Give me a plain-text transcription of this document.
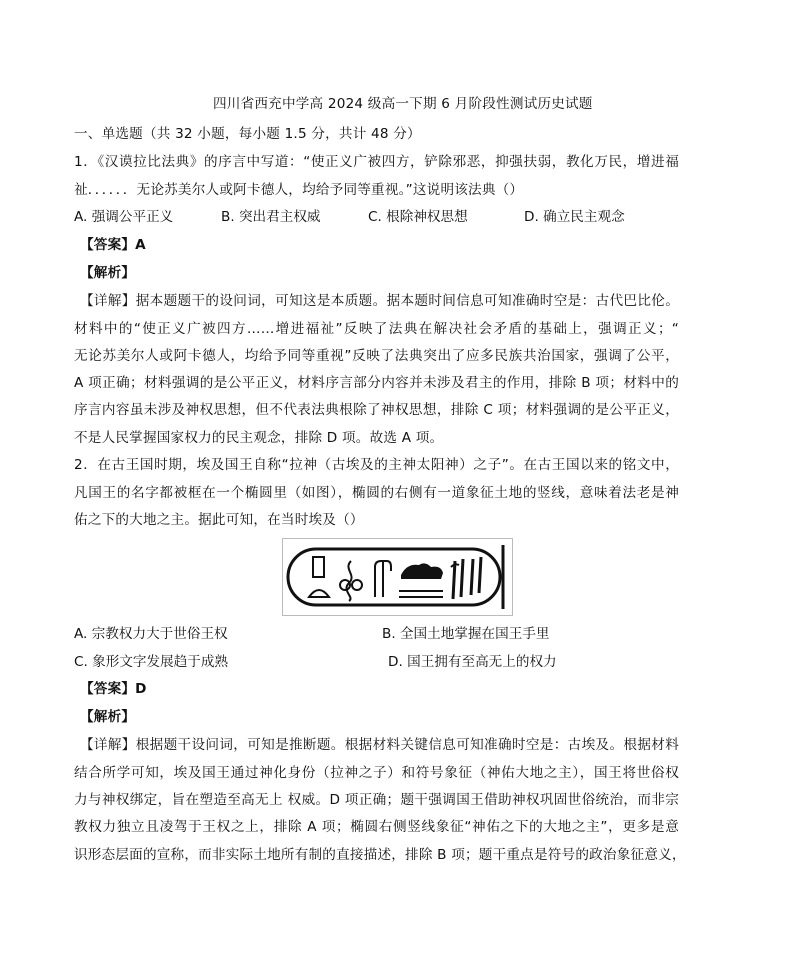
四川省西充中学高 2024 级高一下期 6 月阶段性测试历史试题
一、单选题（共 32 小题，每小题 1.5 分，共计 48 分）
1．《汉谟拉比法典》的序言中写道：“使正义广被四方，铲除邪恶，抑强扶弱，教化万民，增进福
祉．．．．．．无论苏美尔人或阿卡德人，均给予同等重视。”这说明该法典（）
A. 强调公平正义	B. 突出君主权威	C. 根除神权思想	D. 确立民主观念
【答案】A
【解析】
【详解】据本题题干的设问词，可知这是本质题。据本题时间信息可知准确时空是：古代巴比伦。
材料中的“使正义广被四方……增进福祉”反映了法典在解决社会矛盾的基础上，强调正义；“
无论苏美尔人或阿卡德人，均给予同等重视”反映了法典突出了应多民族共治国家，强调了公平，
A 项正确；材料强调的是公平正义，材料序言部分内容并未涉及君主的作用，排除 B 项；材料中的
序言内容虽未涉及神权思想，但不代表法典根除了神权思想，排除 C 项；材料强调的是公平正义，
不是人民掌握国家权力的民主观念，排除 D 项。故选 A 项。
2．在古王国时期，埃及国王自称“拉神（古埃及的主神太阳神）之子”。在古王国以来的铭文中，
凡国王的名字都被框在一个椭圆里（如图），椭圆的右侧有一道象征土地的竖线，意味着法老是神
佑之下的大地之主。据此可知，在当时埃及（）
A. 宗教权力大于世俗王权	B. 全国土地掌握在国王手里
C. 象形文字发展趋于成熟	D. 国王拥有至高无上的权力
【答案】D
【解析】
【详解】根据题干设问词，可知是推断题。根据材料关键信息可知准确时空是：古埃及。根据材料
结合所学可知，埃及国王通过神化身份（拉神之子）和符号象征（神佑大地之主），国王将世俗权
力与神权绑定，旨在塑造至高无上 权威。D 项正确；题干强调国王借助神权巩固世俗统治，而非宗
教权力独立且凌驾于王权之上，排除 A 项；椭圆右侧竖线象征“神佑之下的大地之主”，更多是意
识形态层面的宣称，而非实际土地所有制的直接描述，排除 B 项；题干重点是符号的政治象征意义，
